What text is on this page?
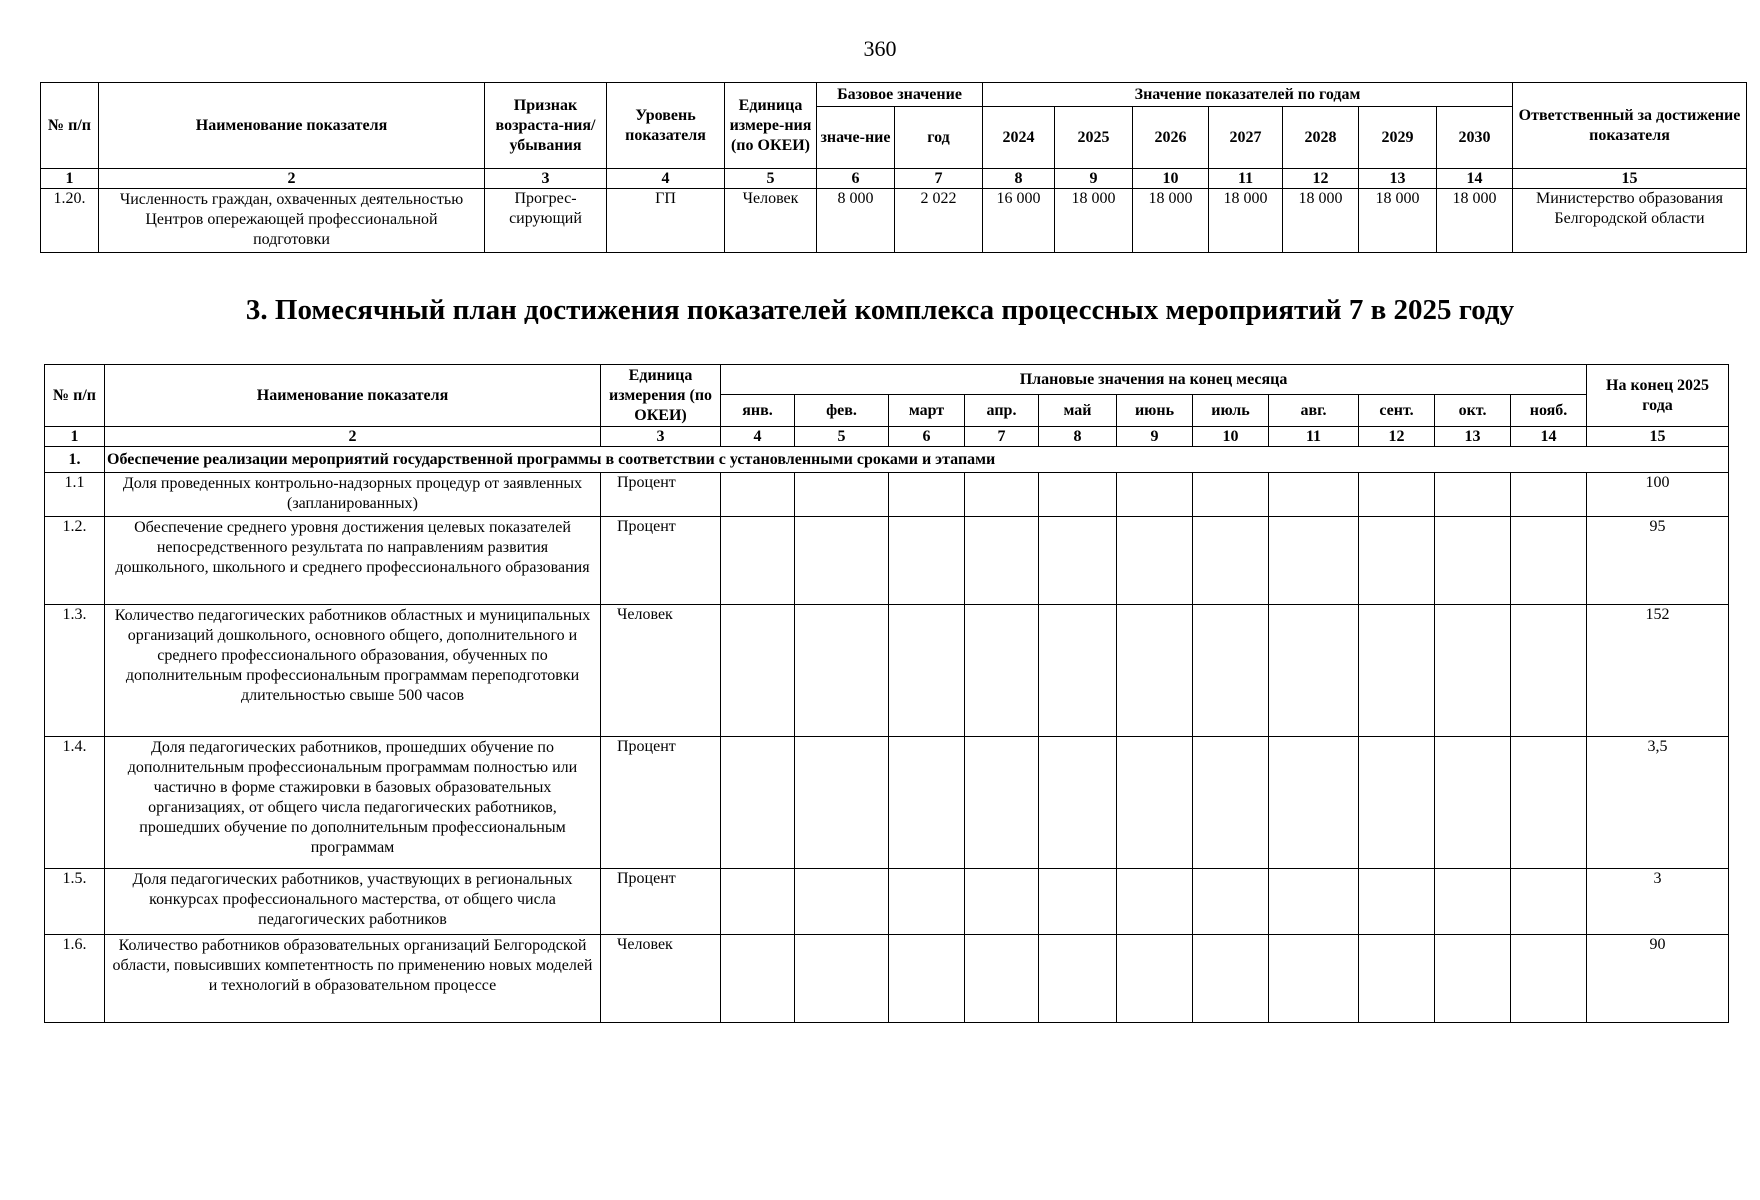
360
№ п/п	Наименование показателя	Признак возраста-ния/ убывания	Уровень показателя	Единица измере-ния (по ОКЕИ)	Базовое значение		Значение показателей по годам							Ответственный за достижение показателя
					значе-ние	год	2024	2025	2026	2027	2028	2029	2030	
1	2	3	4	5	6	7	8	9	10	11	12	13	14	15
1.20.	Численность граждан, охваченных деятельностью Центров опережающей профессиональной подготовки	Прогрес-сирующий	ГП	Человек	8 000	2 022	16 000	18 000	18 000	18 000	18 000	18 000	18 000	Министерство образования Белгородской области
3. Помесячный план достижения показателей комплекса процессных мероприятий 7 в 2025 году
№ п/п	Наименование показателя	Единица измерения (по ОКЕИ)	Плановые значения на конец месяца											На конец 2025 года
			янв.	фев.	март	апр.	май	июнь	июль	авг.	сент.	окт.	нояб.	
1	2	3	4	5	6	7	8	9	10	11	12	13	14	15
1.	Обеспечение реализации мероприятий государственной программы в соответствии с установленными сроками и этапами													
1.1	Доля проведенных контрольно-надзорных процедур от заявленных (запланированных)	Процент												100
1.2.	Обеспечение среднего уровня достижения целевых показателей непосредственного результата по направлениям развития дошкольного, школьного и среднего профессионального образования	Процент												95
1.3.	Количество педагогических работников областных и муниципальных организаций дошкольного, основного общего, дополнительного и среднего профессионального образования, обученных по дополнительным профессиональным программам переподготовки длительностью свыше 500 часов	Человек												152
1.4.	Доля педагогических работников, прошедших обучение по дополнительным профессиональным программам полностью или частично в форме стажировки в базовых образовательных организациях, от общего числа педагогических работников, прошедших обучение по дополнительным профессиональным программам	Процент												3,5
1.5.	Доля педагогических работников, участвующих в региональных конкурсах профессионального мастерства, от общего числа педагогических работников	Процент												3
1.6.	Количество работников образовательных организаций Белгородской области, повысивших компетентность по применению новых моделей и технологий в образовательном процессе	Человек												90
